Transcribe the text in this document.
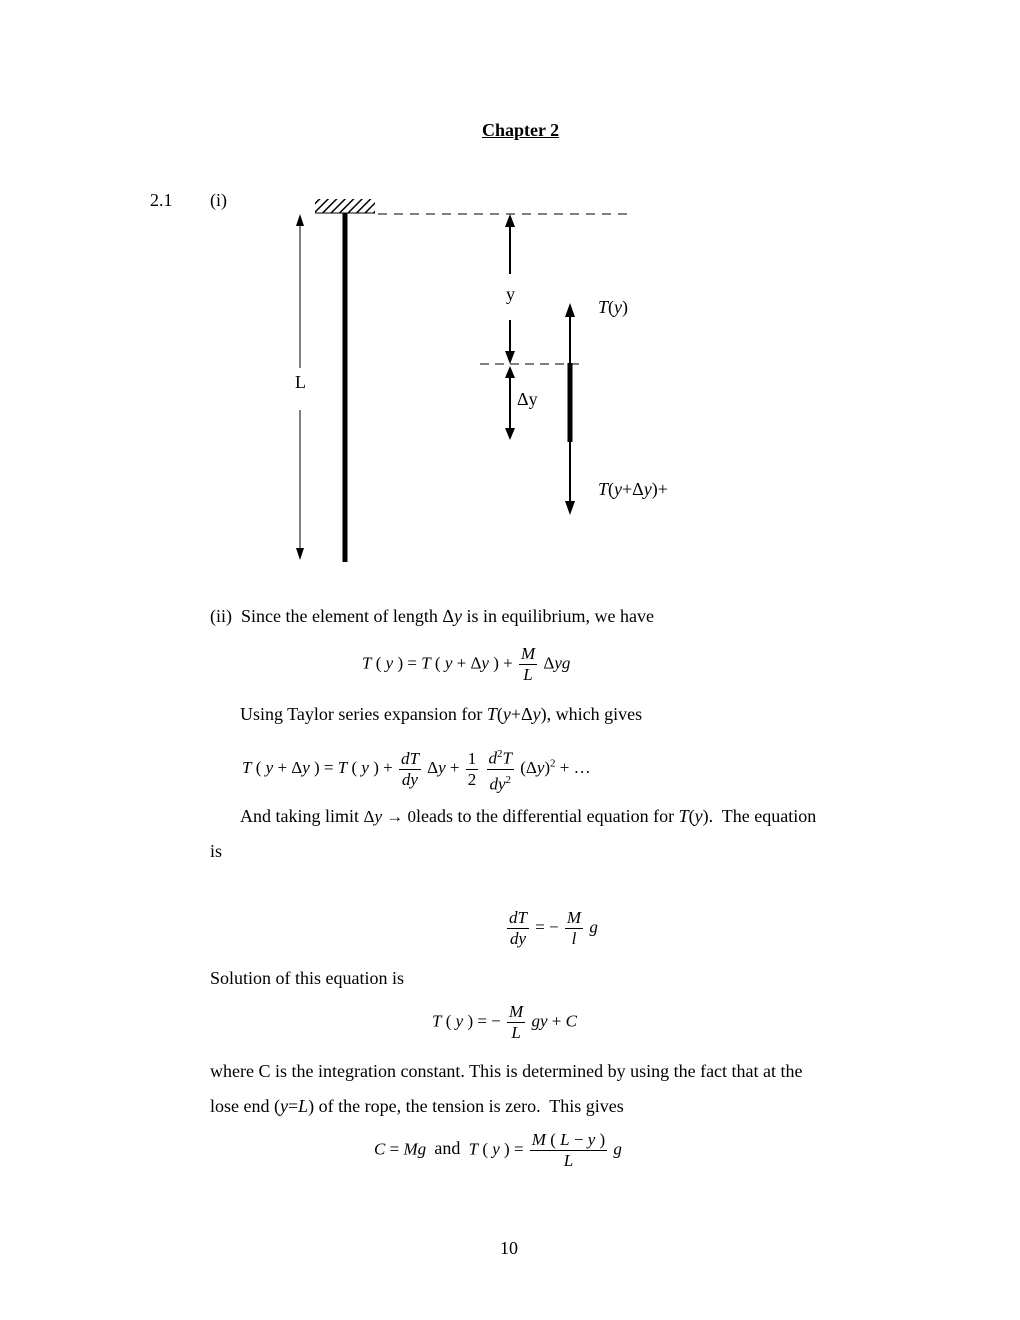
Chapter 2
2.1 (i)
L
y
Δy
T(y)
T(y+Δy)+
(ii)  Since the element of length Δy is in equilibrium, we have
T ( y ) = T ( y + Δy ) + $\frac{M}{L}$ Δyg
Using Taylor series expansion for T(y+Δy), which gives
T ( y + Δy ) = T ( y ) + $\frac{dT}{dy}$ $\Delta y + \frac{1}{2}$
$\frac{d^2T}{dy^2} (\Delta y)^2$ + …
And taking limit Δy → 0leads to the differential equation for T(y).  The equation
is
$\frac{dT}{dy}$ = − $\frac{M}{l}$ g
Solution of this equation is
T ( y ) = − $\frac{M}{L}$ gy + C
where C is the integration constant. This is determined by using the fact that at the
lose end (y=L) of the rope, the tension is zero.  This gives
C = Mg and T ( y ) = $\frac{M ( L - y )}{L}$ g
10
